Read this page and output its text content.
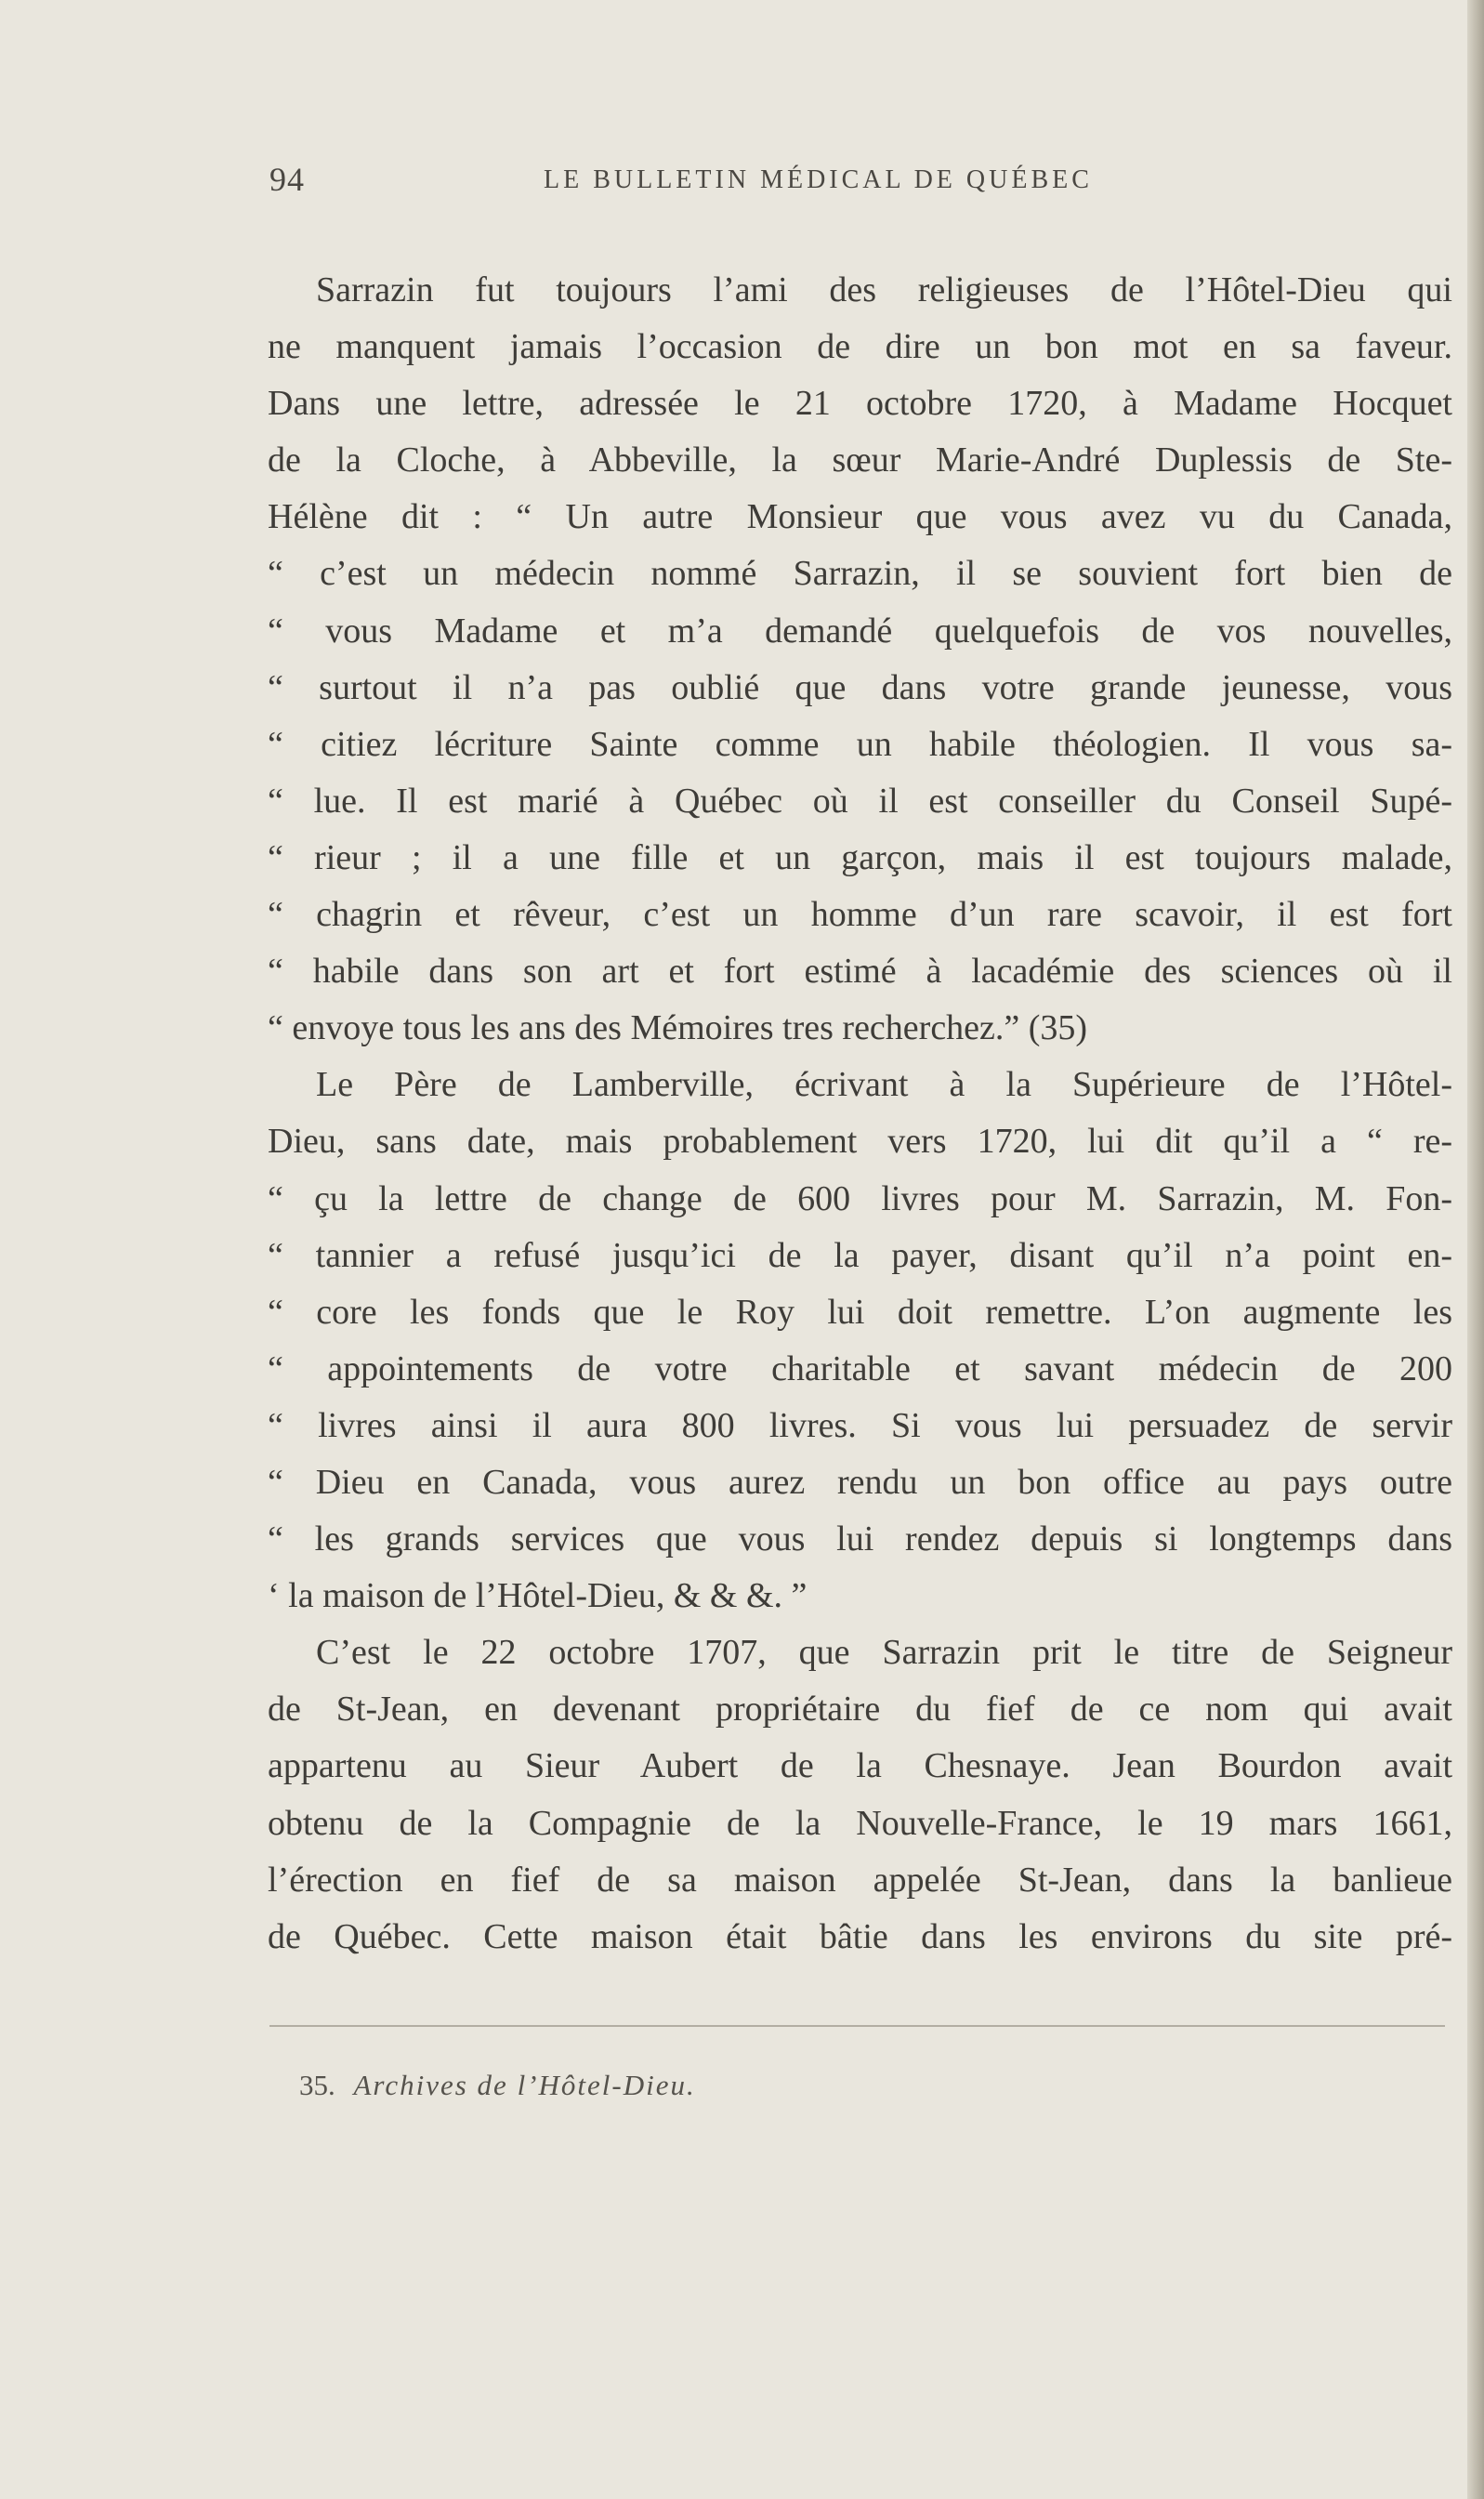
94	LE BULLETIN MÉDICAL DE QUÉBEC
Sarrazin fut toujours l’ami des religieuses de l’Hôtel-Dieu qui
ne manquent jamais l’occasion de dire un bon mot en sa faveur.
Dans une lettre, adressée le 21 octobre 1720, à Madame Hocquet
de la Cloche, à Abbeville, la sœur Marie-André Duplessis de Ste-
Hélène dit : “ Un autre Monsieur que vous avez vu du Canada,
“ c’est un médecin nommé Sarrazin, il se souvient fort bien de
“ vous Madame et m’a demandé quelquefois de vos nouvelles,
“ surtout il n’a pas oublié que dans votre grande jeunesse, vous
“ citiez lécriture Sainte comme un habile théologien. Il vous sa-
“ lue. Il est marié à Québec où il est conseiller du Conseil Supé-
“ rieur ; il a une fille et un garçon, mais il est toujours malade,
“ chagrin et rêveur, c’est un homme d’un rare scavoir, il est fort
“ habile dans son art et fort estimé à lacadémie des sciences où il
“ envoye tous les ans des Mémoires tres recherchez.” (35)
Le Père de Lamberville, écrivant à la Supérieure de l’Hôtel-
Dieu, sans date, mais probablement vers 1720, lui dit qu’il a “ re-
“ çu la lettre de change de 600 livres pour M. Sarrazin, M. Fon-
“ tannier a refusé jusqu’ici de la payer, disant qu’il n’a point en-
“ core les fonds que le Roy lui doit remettre. L’on augmente les
“ appointements de votre charitable et savant médecin de 200
“ livres ainsi il aura 800 livres. Si vous lui persuadez de servir
“ Dieu en Canada, vous aurez rendu un bon office au pays outre
“ les grands services que vous lui rendez depuis si longtemps dans
‘ la maison de l’Hôtel-Dieu, & & &. ”
C’est le 22 octobre 1707, que Sarrazin prit le titre de Seigneur
de St-Jean, en devenant propriétaire du fief de ce nom qui avait
appartenu au Sieur Aubert de la Chesnaye. Jean Bourdon avait
obtenu de la Compagnie de la Nouvelle-France, le 19 mars 1661,
l’érection en fief de sa maison appelée St-Jean, dans la banlieue
de Québec. Cette maison était bâtie dans les environs du site pré-
35. Archives de l’Hôtel-Dieu.
